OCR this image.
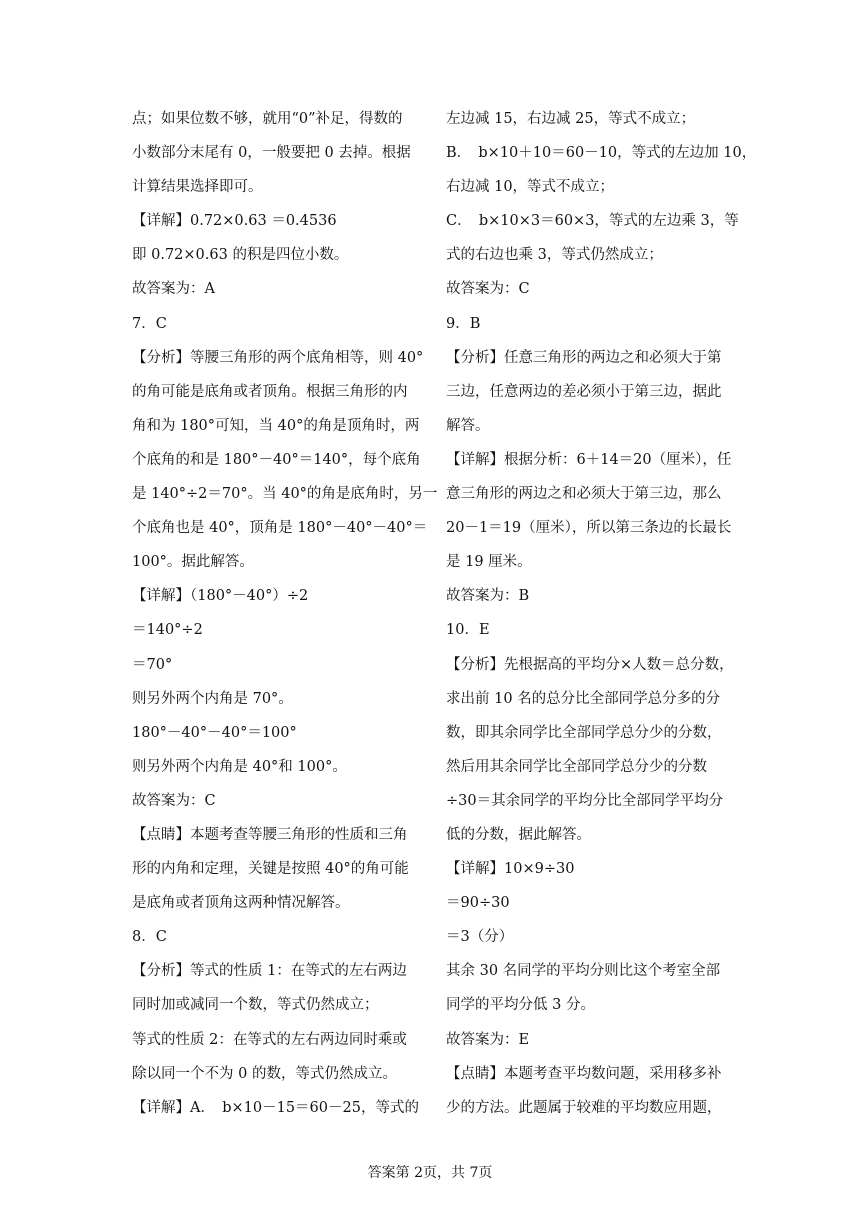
点；如果位数不够，就用“0”补足，得数的
小数部分末尾有 0，一般要把 0 去掉。根据
计算结果选择即可。
【详解】0.72×0.63 ＝0.4536
即 0.72×0.63 的积是四位小数。
故答案为：A
7．C
【分析】等腰三角形的两个底角相等，则 40°
的角可能是底角或者顶角。根据三角形的内
角和为 180°可知，当 40°的角是顶角时，两
个底角的和是 180°－40°＝140°，每个底角
是 140°÷2＝70°。当 40°的角是底角时，另一
个底角也是 40°，顶角是 180°－40°－40°＝
100°。据此解答。
【详解】（180°－40°）÷2
＝140°÷2
＝70°
则另外两个内角是 70°。
180°－40°－40°＝100°
则另外两个内角是 40°和 100°。
故答案为：C
【点睛】本题考查等腰三角形的性质和三角
形的内角和定理，关键是按照 40°的角可能
是底角或者顶角这两种情况解答。
8．C
【分析】等式的性质 1：在等式的左右两边
同时加或减同一个数，等式仍然成立；
等式的性质 2：在等式的左右两边同时乘或
除以同一个不为 0 的数，等式仍然成立。
【详解】A．　b×10－15＝60－25，等式的
左边减 15，右边减 25，等式不成立；
B．　b×10＋10＝60－10，等式的左边加 10，
右边减 10，等式不成立；
C．　b×10×3＝60×3，等式的左边乘 3，等
式的右边也乘 3，等式仍然成立；
故答案为：C
9．B
【分析】任意三角形的两边之和必须大于第
三边，任意两边的差必须小于第三边，据此
解答。
【详解】根据分析：6＋14＝20（厘米），任
意三角形的两边之和必须大于第三边，那么
20－1＝19（厘米），所以第三条边的长最长
是 19 厘米。
故答案为：B
10．E
【分析】先根据高的平均分×人数＝总分数，
求出前 10 名的总分比全部同学总分多的分
数，即其余同学比全部同学总分少的分数，
然后用其余同学比全部同学总分少的分数
÷30＝其余同学的平均分比全部同学平均分
低的分数，据此解答。
【详解】10×9÷30
＝90÷30
＝3（分）
其余 30 名同学的平均分则比这个考室全部
同学的平均分低 3 分。
故答案为：E
【点睛】本题考查平均数问题，采用移多补
少的方法。此题属于较难的平均数应用题，
答案第 2页，共 7页
